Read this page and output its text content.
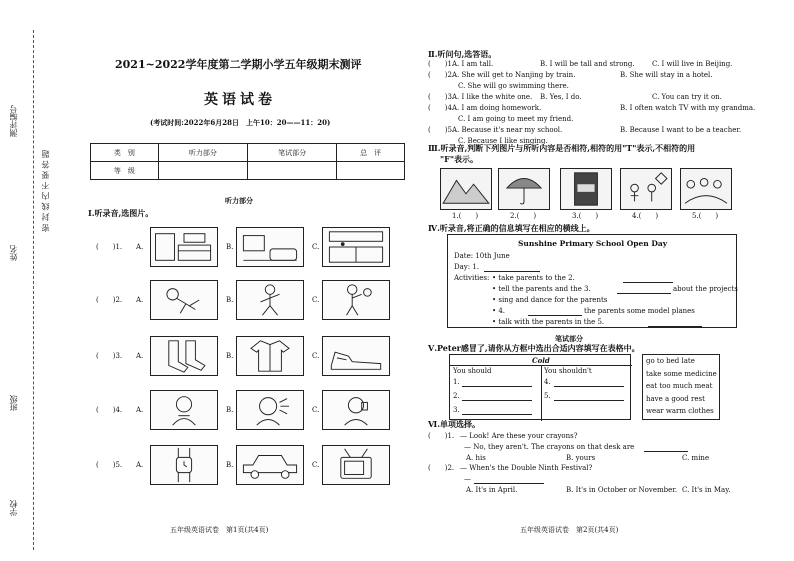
测评编号
姓名
班级
学校
密 封 线 内 不 要 答 题
2021~2022学年度第二学期小学五年级期末测评
英语试卷
(考试时间:2022年6月28日　上午10：20——11：20)
类　别	听力部分	笔试部分	总　评
等　级			
听力部分
Ⅰ.听录音,选图片。
(　　)1. A.	B.	C.
(　　)2. A.	B.	C.
(　　)3. A.	B.	C.
(　　)4. A.	B.	C.
(　　)5. A.	B.	C.
五年级英语试卷　第1页(共4页)
Ⅱ.听问句,选答语。
(　　)1.
A. I am tall.	B. I will be tall and strong. C. I will live in Beijing.
(　　)2.
A. She will get to Nanjing by train.	B. She will stay in a hotel.
C. She will go swimming there.
(　　)3.
A. I like the white one. B. Yes, I do.	C. You can try it on.
(　　)4.
A. I am doing homework.	B. I often watch TV with my grandma.
C. I am going to meet my friend.
(　　)5.
A. Because it's near my school.	B. Because I want to be a teacher.
C. Because I like singing.
Ⅲ.听录音,判断下列图片与所听内容是否相符,相符的用"T"表示,不相符的用
"F"表示。
1.(　　)	2.(　　)	3.(　　)	4.(　　)	5.(　　)
Ⅳ.听录音,将正确的信息填写在相应的横线上。
Sunshine Primary School Open Day
Date: 10th June
Day: 1.
Activities: • take parents to the 2.
• tell the parents and the 3.	about the projects
• sing and dance for the parents
• 4.	the parents some model planes
• talk with the parents in the 5.
笔试部分
Ⅴ.Peter感冒了,请你从方框中选出合适内容填写在表格中。
Cold
You should	You shouldn't
1.
2.
3.
4.
5.
go to bed late
take some medicine
eat too much meat
have a good rest
wear warm clothes
Ⅵ.单项选择。
(　　)1. — Look! Are these your crayons?
— No, they aren't. The crayons on that desk are
A. his	B. yours	C. mine
(　　)2. — When's the Double Ninth Festival?
—
A. It's in April.	B. It's in October or November. C. It's in May.
五年级英语试卷　第2页(共4页)
